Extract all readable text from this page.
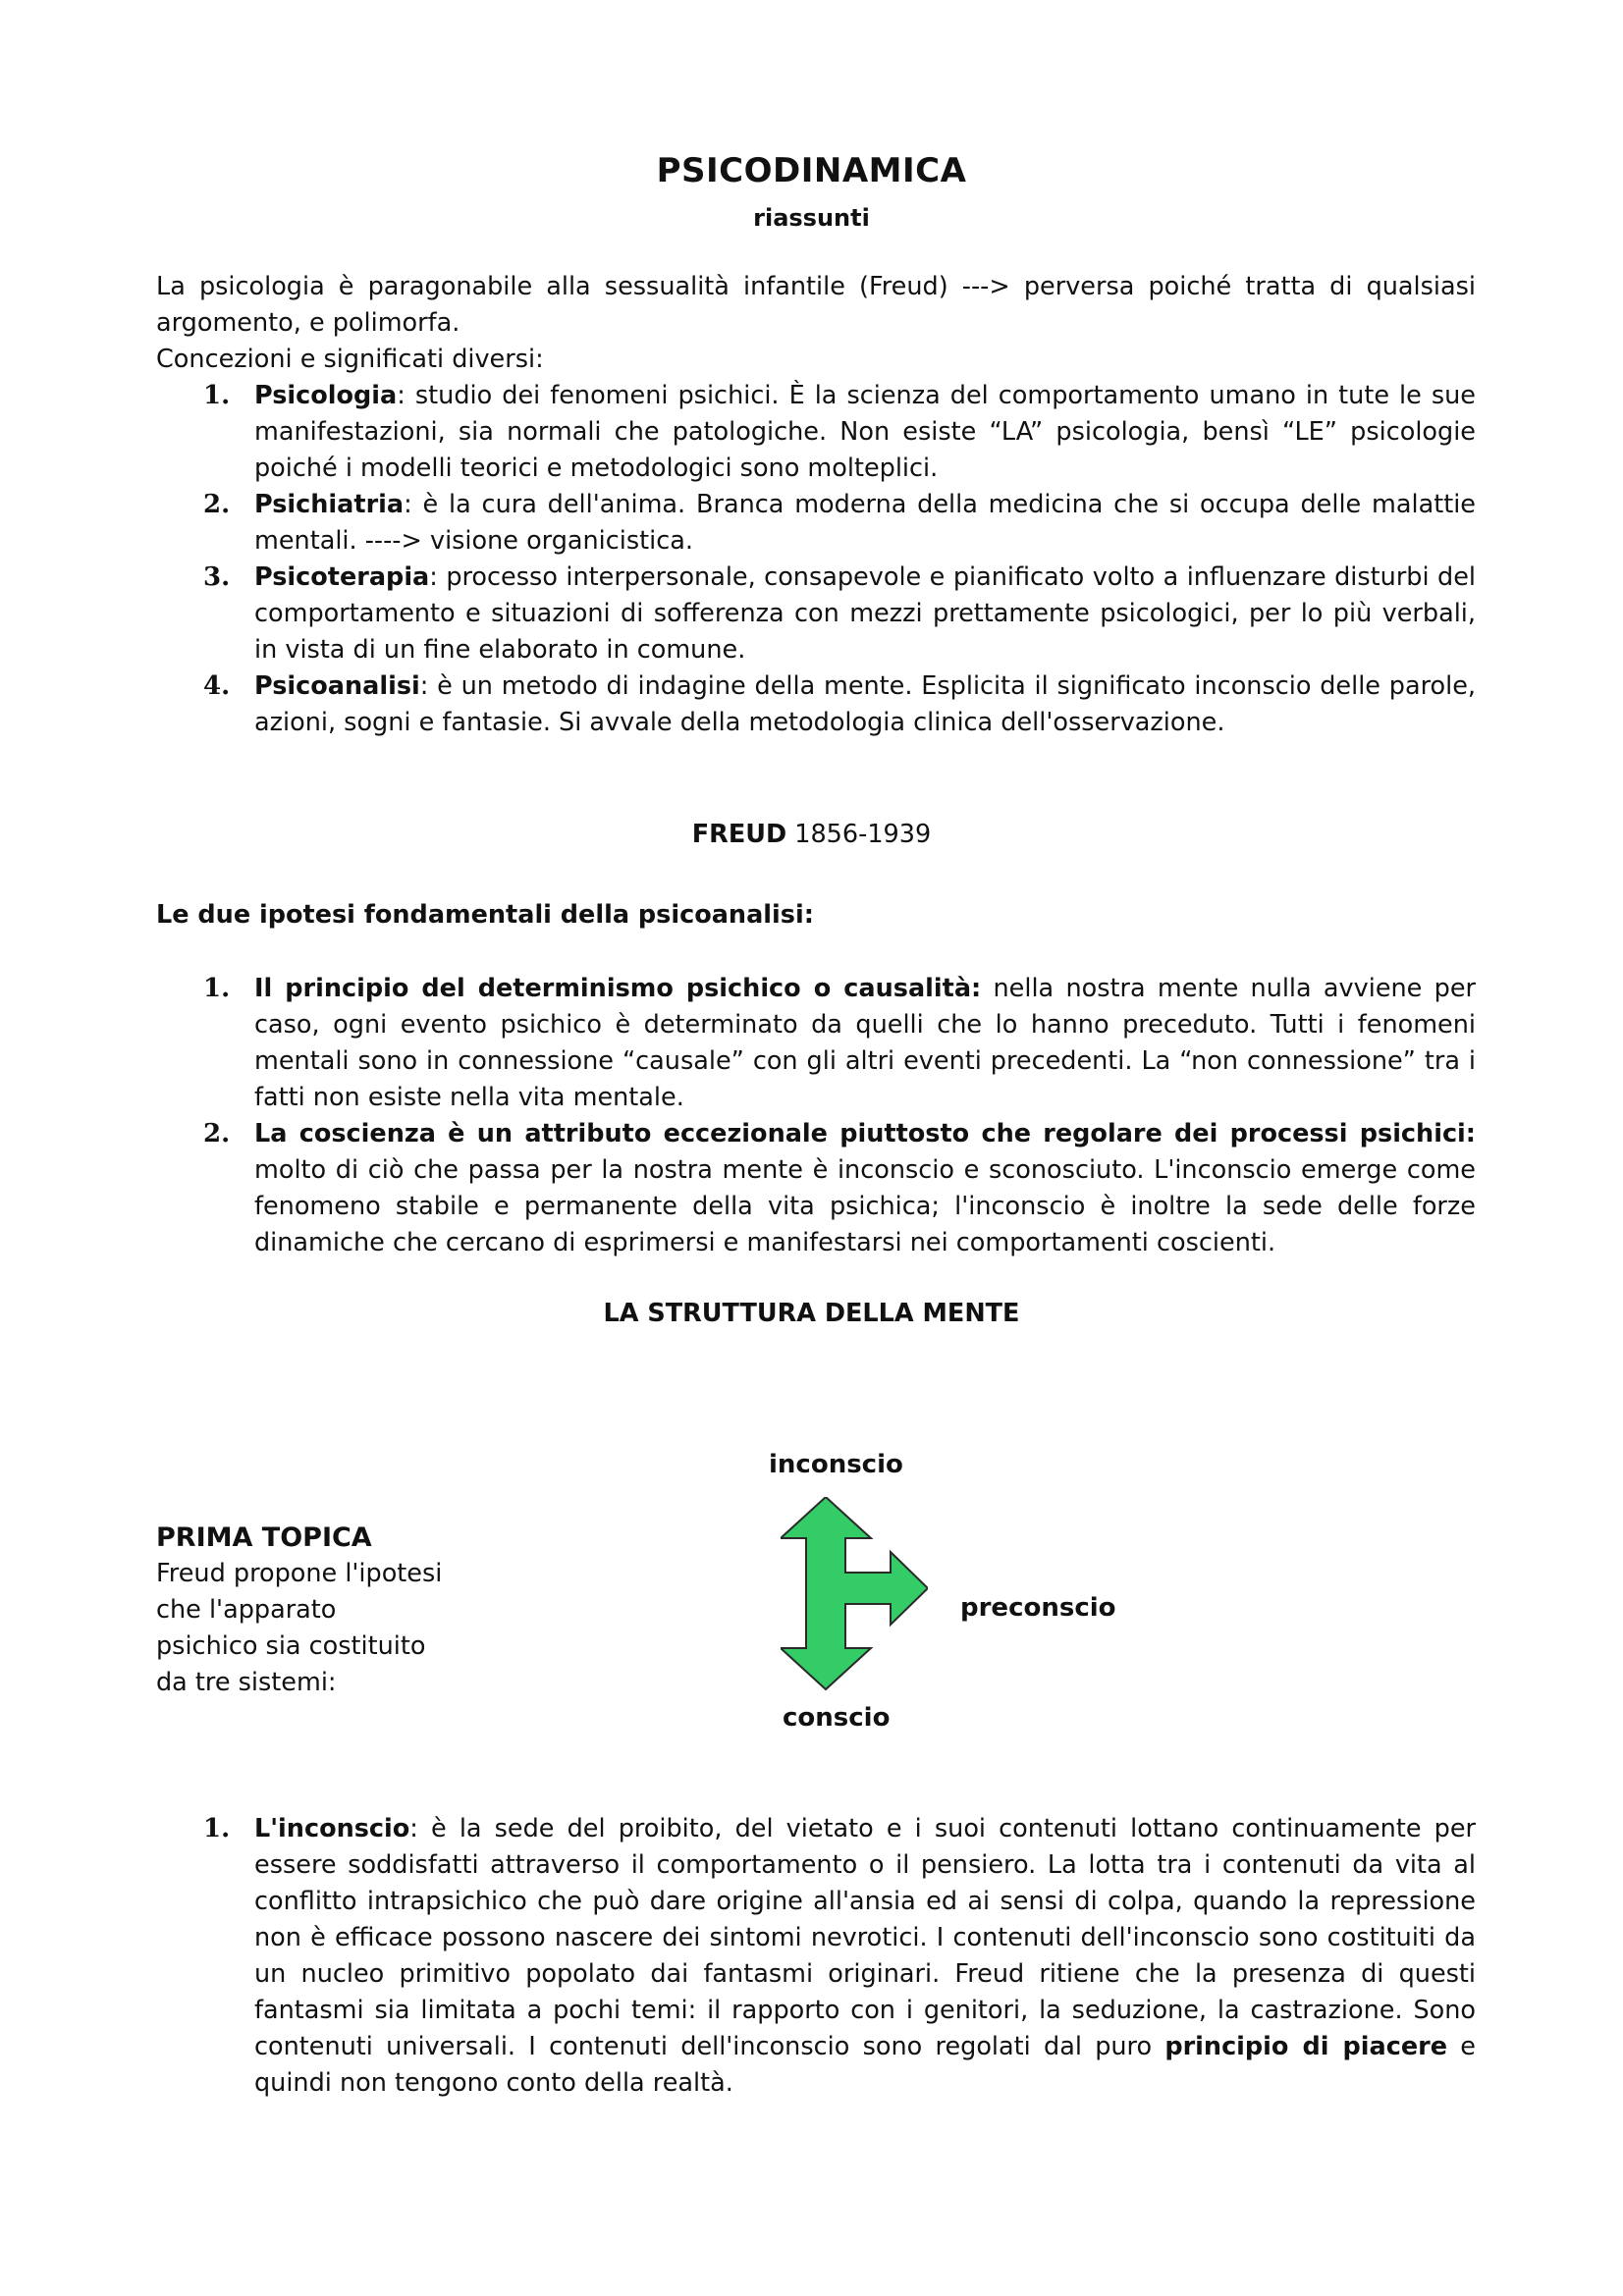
PSICODINAMICA
riassunti
La psicologia è paragonabile alla sessualità infantile (Freud) ---> perversa poiché tratta di qualsiasi argomento, e polimorfa.
Concezioni e significati diversi:
1. Psicologia: studio dei fenomeni psichici. È la scienza del comportamento umano in tute le sue manifestazioni, sia normali che patologiche. Non esiste “LA” psicologia, bensì “LE” psicologie poiché i modelli teorici e metodologici sono molteplici.
2. Psichiatria: è la cura dell'anima. Branca moderna della medicina che si occupa delle malattie mentali. ----> visione organicistica.
3. Psicoterapia: processo interpersonale, consapevole e pianificato volto a influenzare disturbi del comportamento e situazioni di sofferenza con mezzi prettamente psicologici, per lo più verbali, in vista di un fine elaborato in comune.
4. Psicoanalisi: è un metodo di indagine della mente. Esplicita il significato inconscio delle parole, azioni, sogni e fantasie. Si avvale della metodologia clinica dell'osservazione.
FREUD 1856-1939
Le due ipotesi fondamentali della psicoanalisi:
1. Il principio del determinismo psichico o causalità: nella nostra mente nulla avviene per caso, ogni evento psichico è determinato da quelli che lo hanno preceduto. Tutti i fenomeni mentali sono in connessione “causale” con gli altri eventi precedenti. La “non connessione” tra i fatti non esiste nella vita mentale.
2. La coscienza è un attributo eccezionale piuttosto che regolare dei processi psichici: molto di ciò che passa per la nostra mente è inconscio e sconosciuto. L'inconscio emerge come fenomeno stabile e permanente della vita psichica; l'inconscio è inoltre la sede delle forze dinamiche che cercano di esprimersi e manifestarsi nei comportamenti coscienti.
LA STRUTTURA DELLA MENTE
PRIMA TOPICA
Freud propone l'ipotesi
che l'apparato
psichico sia costituito
da tre sistemi:
inconscio
preconscio
conscio
1. L'inconscio: è la sede del proibito, del vietato e i suoi contenuti lottano continuamente per essere soddisfatti attraverso il comportamento o il pensiero. La lotta tra i contenuti da vita al conflitto intrapsichico che può dare origine all'ansia ed ai sensi di colpa, quando la repressione non è efficace possono nascere dei sintomi nevrotici. I contenuti dell'inconscio sono costituiti da un nucleo primitivo popolato dai fantasmi originari. Freud ritiene che la presenza di questi fantasmi sia limitata a pochi temi: il rapporto con i genitori, la seduzione, la castrazione. Sono contenuti universali. I contenuti dell'inconscio sono regolati dal puro principio di piacere e quindi non tengono conto della realtà.
